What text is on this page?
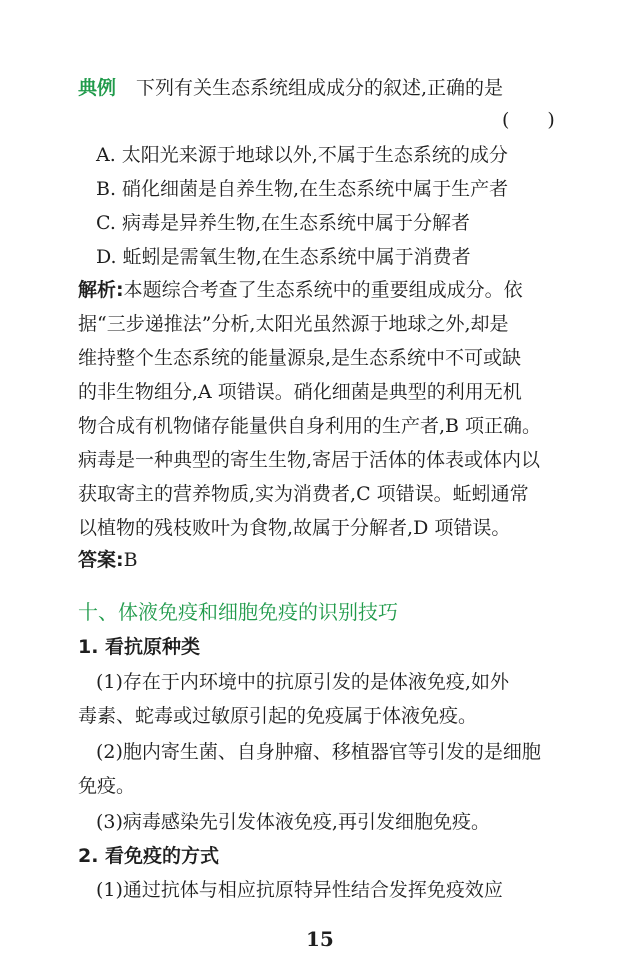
典例 下列有关生态系统组成成分的叙述,正确的是
(　　)
A. 太阳光来源于地球以外,不属于生态系统的成分
B. 硝化细菌是自养生物,在生态系统中属于生产者
C. 病毒是异养生物,在生态系统中属于分解者
D. 蚯蚓是需氧生物,在生态系统中属于消费者
解析:本题综合考查了生态系统中的重要组成成分。依
据“三步递推法”分析,太阳光虽然源于地球之外,却是
维持整个生态系统的能量源泉,是生态系统中不可或缺
的非生物组分,A 项错误。硝化细菌是典型的利用无机
物合成有机物储存能量供自身利用的生产者,B 项正确。
病毒是一种典型的寄生生物,寄居于活体的体表或体内以
获取寄主的营养物质,实为消费者,C 项错误。蚯蚓通常
以植物的残枝败叶为食物,故属于分解者,D 项错误。
答案:B
十、体液免疫和细胞免疫的识别技巧
1. 看抗原种类
(1)存在于内环境中的抗原引发的是体液免疫,如外
毒素、蛇毒或过敏原引起的免疫属于体液免疫。
(2)胞内寄生菌、自身肿瘤、移植器官等引发的是细胞
免疫。
(3)病毒感染先引发体液免疫,再引发细胞免疫。
2. 看免疫的方式
(1)通过抗体与相应抗原特异性结合发挥免疫效应
15
